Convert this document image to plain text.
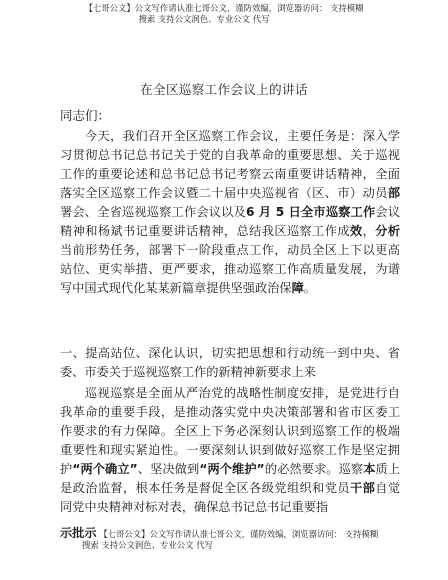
【七哥公文】公文写作请认准七哥公文，谨防效编，浏览器访问： 支持模糊
搜索 支持公文润色、专业公文 代写
在全区巡察工作会议上的讲话
同志们：

今天，我们召开全区巡察工作会议，主要任务是：深入学习贯彻总书记总书记关于党的自我革命的重要思想、关于巡视工作的重要论述和总书记总书记考察云南重要讲话精神，全面落实全区巡察工作会议暨二十届中央巡视省（区、市）动员部署会、全省巡视巡察工作会议以及6 月 5 日全市巡察工作会议精神和杨斌书记重要讲话精神，总结我区巡察工作成效，分析当前形势任务，部署下一阶段重点工作，动员全区上下以更高站位、更实举措、更严要求，推动巡察工作高质量发展，为谱写中国式现代化某某新篇章提供坚强政治保障。

一、提高站位、深化认识，切实把思想和行动统一到中央、省委、市委关于巡视巡察工作的新精神新要求上来

巡视巡察是全面从严治党的战略性制度安排，是党进行自我革命的重要手段，是推动落实党中央决策部署和省市区委工作要求的有力保障。全区上下务必深刻认识到巡察工作的极端重要性和现实紧迫性。一要深刻认识到做好巡察工作是坚定拥护“两个确立”、坚决做到“两个维护”的必然要求。巡察本质上是政治监督，根本任务是督促全区各级党组织和党员干部自觉同党中央精神对标对表，确保总书记总书记重要指

示批示 【七哥公文】公文写作请认准七哥公文，谨防效编，浏览器访问： 支持模糊
搜索 支持公文润色、专业公文 代写
